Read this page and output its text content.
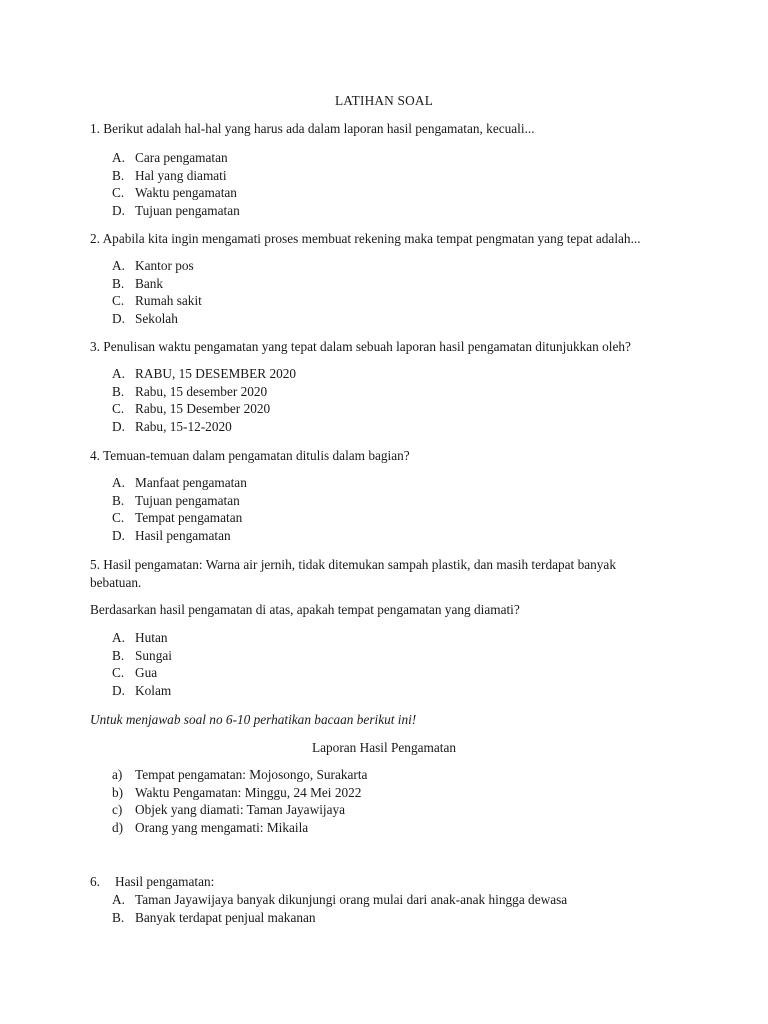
LATIHAN SOAL
1. Berikut adalah hal-hal yang harus ada dalam laporan hasil pengamatan, kecuali...
A. Cara pengamatan
B. Hal yang diamati
C. Waktu pengamatan
D. Tujuan pengamatan
2. Apabila kita ingin mengamati proses membuat rekening maka tempat pengmatan yang tepat adalah...
A. Kantor pos
B. Bank
C. Rumah sakit
D. Sekolah
3. Penulisan waktu pengamatan yang tepat dalam sebuah laporan hasil pengamatan ditunjukkan oleh?
A. RABU, 15 DESEMBER 2020
B. Rabu, 15 desember 2020
C. Rabu, 15 Desember 2020
D. Rabu, 15-12-2020
4. Temuan-temuan dalam pengamatan ditulis dalam bagian?
A. Manfaat pengamatan
B. Tujuan pengamatan
C. Tempat pengamatan
D. Hasil pengamatan
5. Hasil pengamatan: Warna air jernih, tidak ditemukan sampah plastik, dan masih terdapat banyak bebatuan.
Berdasarkan hasil pengamatan di atas, apakah tempat pengamatan yang diamati?
A. Hutan
B. Sungai
C. Gua
D. Kolam
Untuk menjawab soal no 6-10 perhatikan bacaan berikut ini!
Laporan Hasil Pengamatan
a) Tempat pengamatan: Mojosongo, Surakarta
b) Waktu Pengamatan: Minggu, 24 Mei 2022
c) Objek yang diamati: Taman Jayawijaya
d) Orang yang mengamati: Mikaila
6. Hasil pengamatan:
A. Taman Jayawijaya banyak dikunjungi orang mulai dari anak-anak hingga dewasa
B. Banyak terdapat penjual makanan
